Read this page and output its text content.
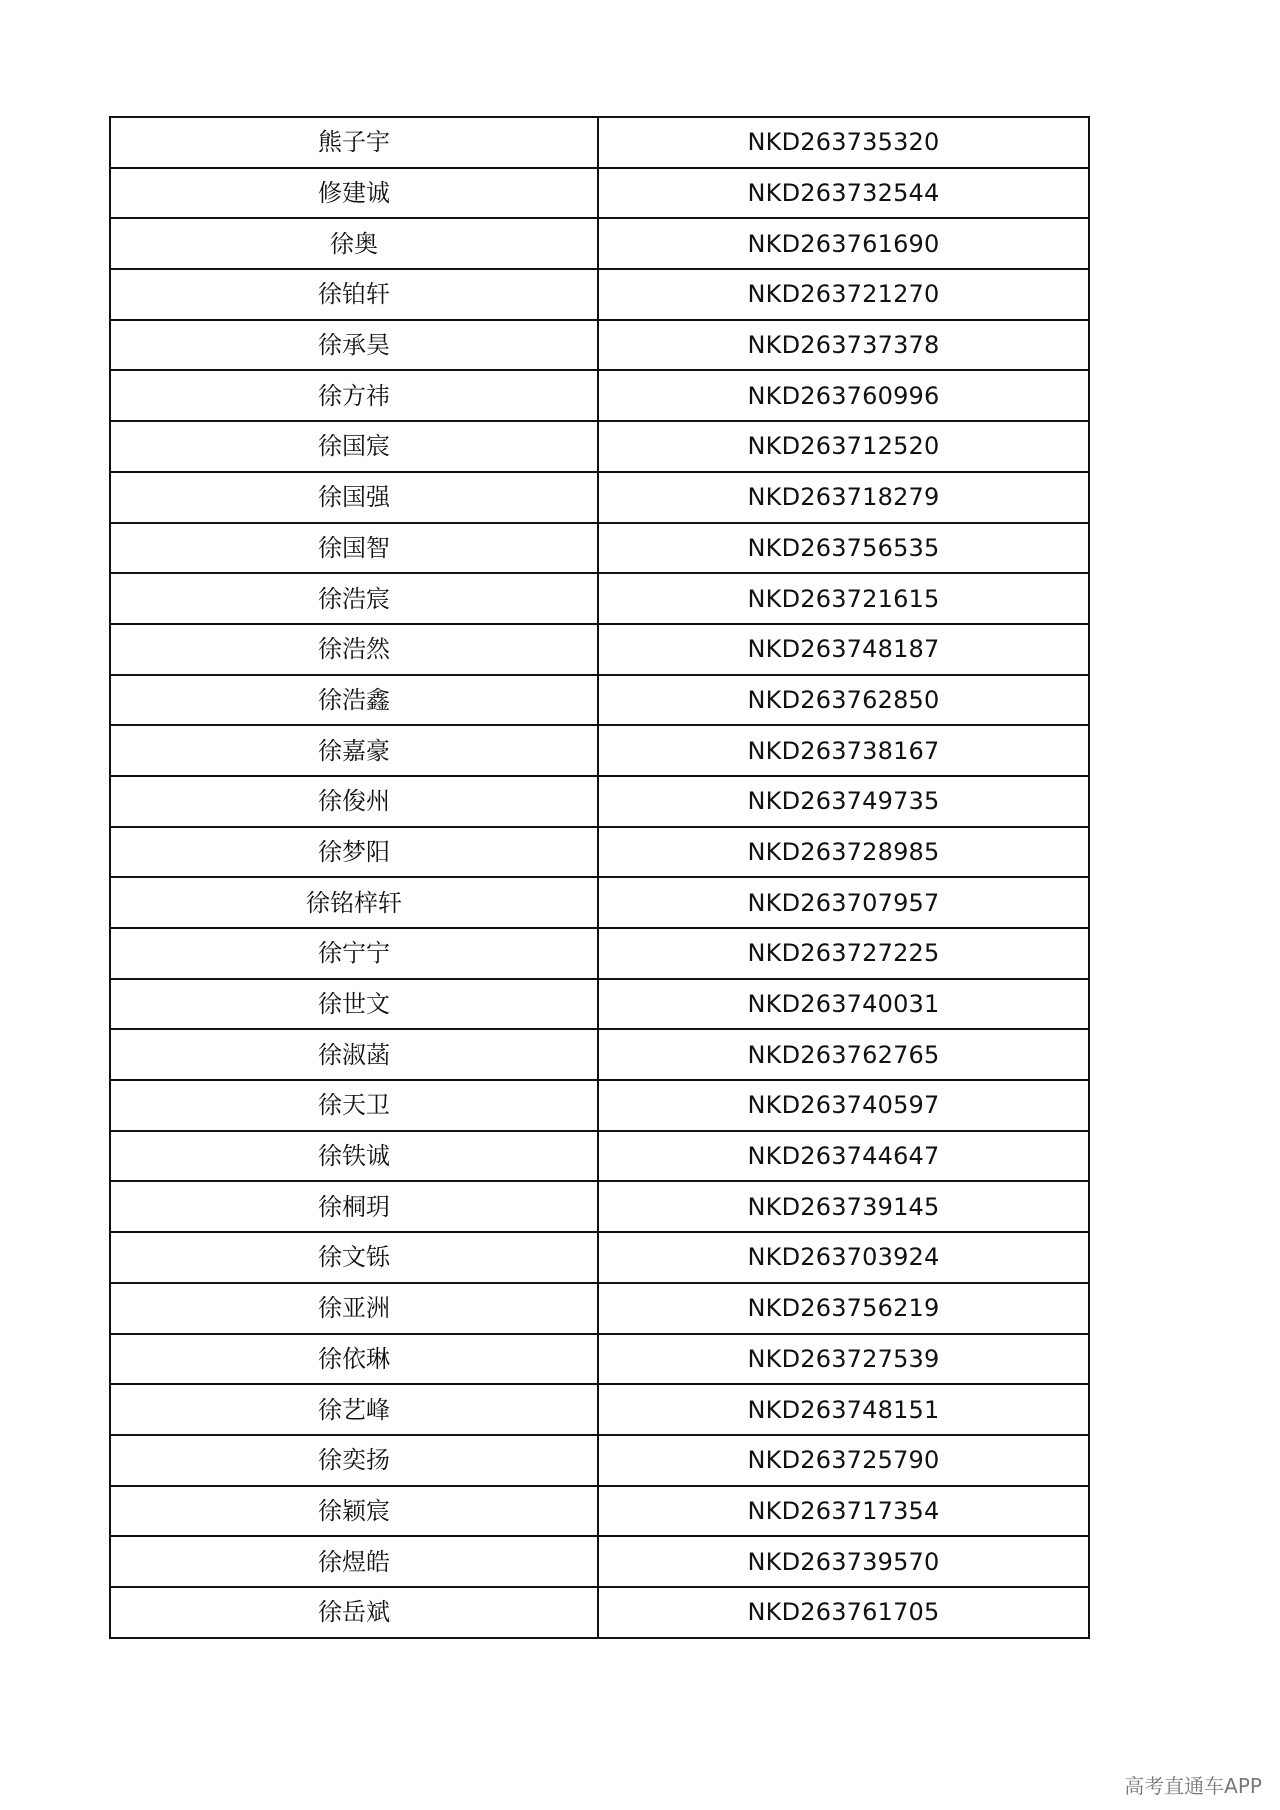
熊子宇	NKD263735320
修建诚	NKD263732544
徐奥	NKD263761690
徐铂轩	NKD263721270
徐承昊	NKD263737378
徐方祎	NKD263760996
徐国宸	NKD263712520
徐国强	NKD263718279
徐国智	NKD263756535
徐浩宸	NKD263721615
徐浩然	NKD263748187
徐浩鑫	NKD263762850
徐嘉豪	NKD263738167
徐俊州	NKD263749735
徐梦阳	NKD263728985
徐铭梓轩	NKD263707957
徐宁宁	NKD263727225
徐世文	NKD263740031
徐淑菡	NKD263762765
徐天卫	NKD263740597
徐铁诚	NKD263744647
徐桐玥	NKD263739145
徐文铄	NKD263703924
徐亚洲	NKD263756219
徐依琳	NKD263727539
徐艺峰	NKD263748151
徐奕扬	NKD263725790
徐颖宸	NKD263717354
徐煜皓	NKD263739570
徐岳斌	NKD263761705
高考直通车APP
